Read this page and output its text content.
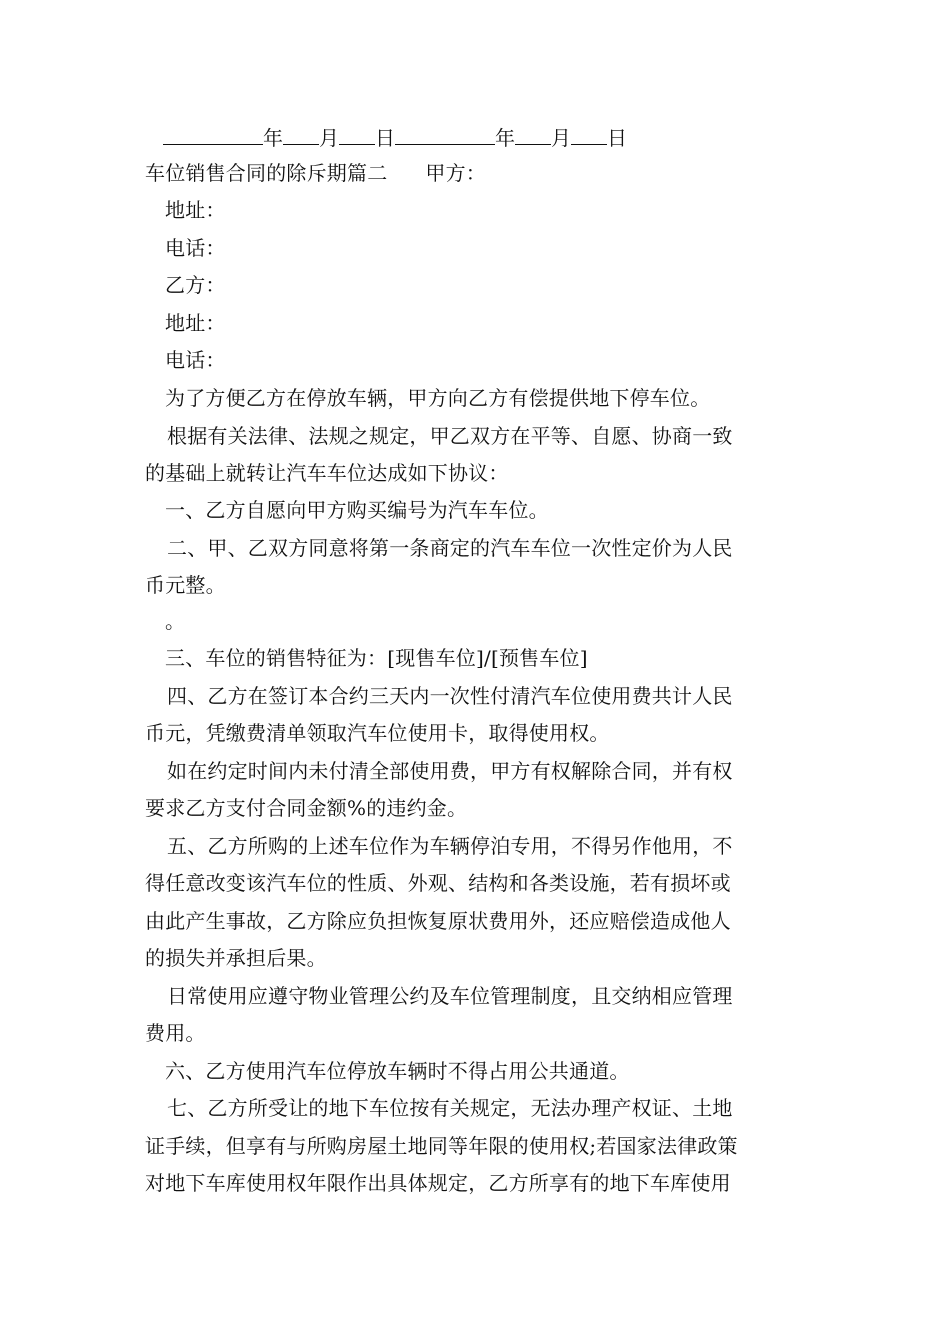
年 月 日	年 月 日
车位销售合同的除斥期篇二 甲方：
地址：
电话：
乙方：
地址：
电话：
为了方便乙方在停放车辆，甲方向乙方有偿提供地下停车位。
根据有关法律、法规之规定，甲乙双方在平等、自愿、协商一致
的基础上就转让汽车车位达成如下协议：
一、乙方自愿向甲方购买编号为汽车车位。
二、甲、乙双方同意将第一条商定的汽车车位一次性定价为人民
币元整。
。
三、车位的销售特征为：[现售车位]/[预售车位]
四、乙方在签订本合约三天内一次性付清汽车位使用费共计人民
币元，凭缴费清单领取汽车位使用卡，取得使用权。
如在约定时间内未付清全部使用费，甲方有权解除合同，并有权
要求乙方支付合同金额%的违约金。
五、乙方所购的上述车位作为车辆停泊专用，不得另作他用，不
得任意改变该汽车位的性质、外观、结构和各类设施，若有损坏或
由此产生事故，乙方除应负担恢复原状费用外，还应赔偿造成他人
的损失并承担后果。
日常使用应遵守物业管理公约及车位管理制度，且交纳相应管理
费用。
六、乙方使用汽车位停放车辆时不得占用公共通道。
七、乙方所受让的地下车位按有关规定，无法办理产权证、土地
证手续，但享有与所购房屋土地同等年限的使用权;若国家法律政策
对地下车库使用权年限作出具体规定，乙方所享有的地下车库使用
